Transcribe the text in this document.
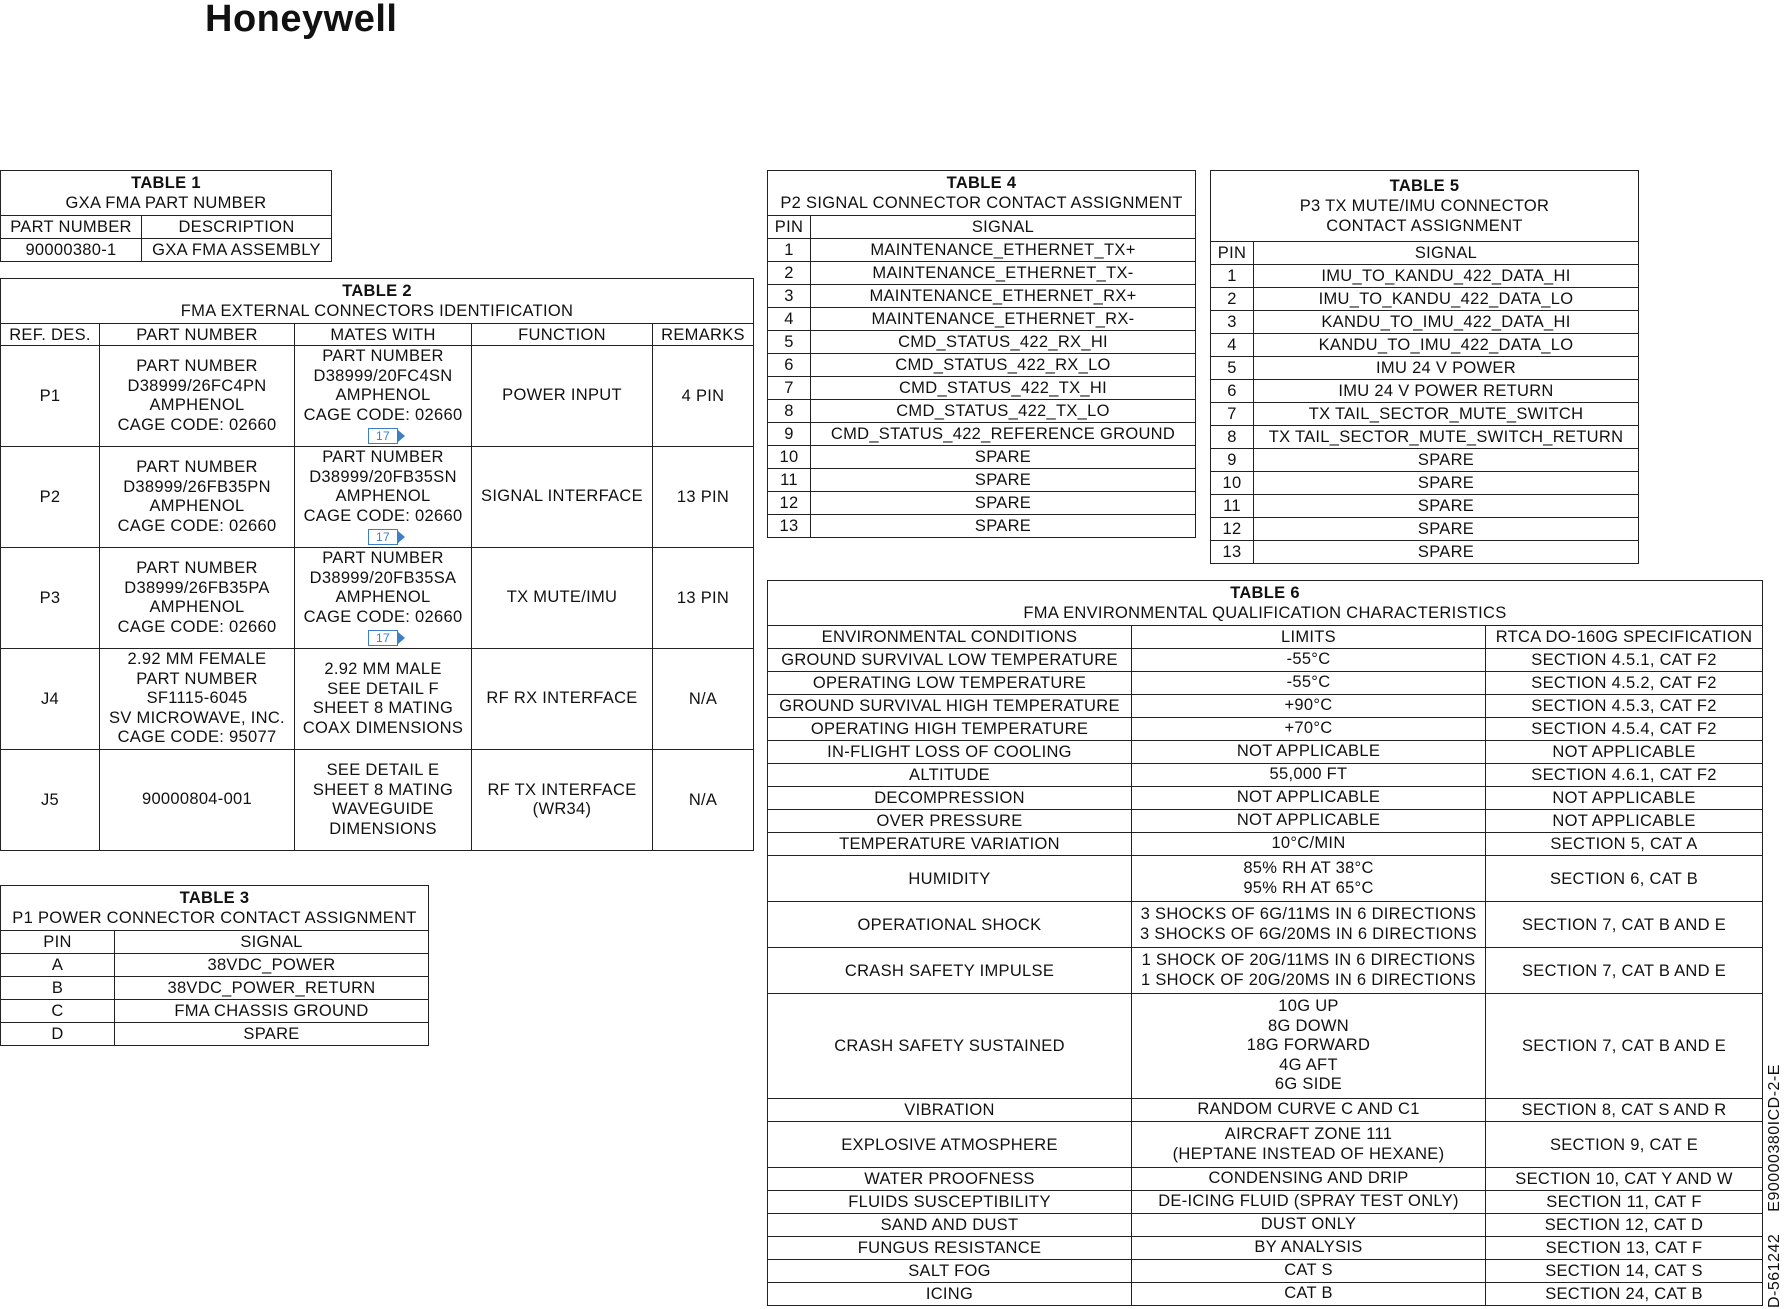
Honeywell
TABLE 1
GXA FMA PART NUMBER	

PART NUMBER	DESCRIPTION
90000380-1	GXA FMA ASSEMBLY
TABLE 2
FMA EXTERNAL CONNECTORS IDENTIFICATION				

REF. DES.	PART NUMBER	MATES WITH	FUNCTION	REMARKS
P1	PART NUMBER
D38999/26FC4PN
AMPHENOL
CAGE CODE: 02660	PART NUMBER
D38999/20FC4SN
AMPHENOL
CAGE CODE: 02660
17	POWER INPUT	4 PIN
P2	PART NUMBER
D38999/26FB35PN
AMPHENOL
CAGE CODE: 02660	PART NUMBER
D38999/20FB35SN
AMPHENOL
CAGE CODE: 02660
17	SIGNAL INTERFACE	13 PIN
P3	PART NUMBER
D38999/26FB35PA
AMPHENOL
CAGE CODE: 02660	PART NUMBER
D38999/20FB35SA
AMPHENOL
CAGE CODE: 02660
17	TX MUTE/IMU	13 PIN
J4	2.92 MM FEMALE
PART NUMBER
SF1115-6045
SV MICROWAVE, INC.
CAGE CODE: 95077	2.92 MM MALE
SEE DETAIL F
SHEET 8 MATING
COAX DIMENSIONS	RF RX INTERFACE	N/A
J5	90000804-001	SEE DETAIL E
SHEET 8 MATING
WAVEGUIDE
DIMENSIONS	RF TX INTERFACE
(WR34)	N/A
TABLE 3
P1 POWER CONNECTOR CONTACT ASSIGNMENT	

PIN	SIGNAL
A	38VDC_POWER
B	38VDC_POWER_RETURN
C	FMA CHASSIS GROUND
D	SPARE
TABLE 4
P2 SIGNAL CONNECTOR CONTACT ASSIGNMENT	

PIN	SIGNAL
1	MAINTENANCE_ETHERNET_TX+
2	MAINTENANCE_ETHERNET_TX-
3	MAINTENANCE_ETHERNET_RX+
4	MAINTENANCE_ETHERNET_RX-
5	CMD_STATUS_422_RX_HI
6	CMD_STATUS_422_RX_LO
7	CMD_STATUS_422_TX_HI
8	CMD_STATUS_422_TX_LO
9	CMD_STATUS_422_REFERENCE GROUND
10	SPARE
11	SPARE
12	SPARE
13	SPARE
TABLE 5
P3 TX MUTE/IMU CONNECTOR
CONTACT ASSIGNMENT	

PIN	SIGNAL
1	IMU_TO_KANDU_422_DATA_HI
2	IMU_TO_KANDU_422_DATA_LO
3	KANDU_TO_IMU_422_DATA_HI
4	KANDU_TO_IMU_422_DATA_LO
5	IMU 24 V POWER
6	IMU 24 V POWER RETURN
7	TX TAIL_SECTOR_MUTE_SWITCH
8	TX TAIL_SECTOR_MUTE_SWITCH_RETURN
9	SPARE
10	SPARE
11	SPARE
12	SPARE
13	SPARE
TABLE 6
FMA ENVIRONMENTAL QUALIFICATION CHARACTERISTICS		

ENVIRONMENTAL CONDITIONS	LIMITS	RTCA DO-160G SPECIFICATION
GROUND SURVIVAL LOW TEMPERATURE	-55°C	SECTION 4.5.1, CAT F2
OPERATING LOW TEMPERATURE	-55°C	SECTION 4.5.2, CAT F2
GROUND SURVIVAL HIGH TEMPERATURE	+90°C	SECTION 4.5.3, CAT F2
OPERATING HIGH TEMPERATURE	+70°C	SECTION 4.5.4, CAT F2
IN-FLIGHT LOSS OF COOLING	NOT APPLICABLE	NOT APPLICABLE
ALTITUDE	55,000 FT	SECTION 4.6.1, CAT F2
DECOMPRESSION	NOT APPLICABLE	NOT APPLICABLE
OVER PRESSURE	NOT APPLICABLE	NOT APPLICABLE
TEMPERATURE VARIATION	10°C/MIN	SECTION 5, CAT A
HUMIDITY	85% RH AT 38°C
95% RH AT 65°C	SECTION 6, CAT B
OPERATIONAL SHOCK	3 SHOCKS OF 6G/11MS IN 6 DIRECTIONS
3 SHOCKS OF 6G/20MS IN 6 DIRECTIONS	SECTION 7, CAT B AND E
CRASH SAFETY IMPULSE	1 SHOCK OF 20G/11MS IN 6 DIRECTIONS
1 SHOCK OF 20G/20MS IN 6 DIRECTIONS	SECTION 7, CAT B AND E
CRASH SAFETY SUSTAINED	10G UP
8G DOWN
18G FORWARD
4G AFT
6G SIDE	SECTION 7, CAT B AND E
VIBRATION	RANDOM CURVE C AND C1	SECTION 8, CAT S AND R
EXPLOSIVE ATMOSPHERE	AIRCRAFT ZONE 111
(HEPTANE INSTEAD OF HEXANE)	SECTION 9, CAT E
WATER PROOFNESS	CONDENSING AND DRIP	SECTION 10, CAT Y AND W
FLUIDS SUSCEPTIBILITY	DE-ICING FLUID (SPRAY TEST ONLY)	SECTION 11, CAT F
SAND AND DUST	DUST ONLY	SECTION 12, CAT D
FUNGUS RESISTANCE	BY ANALYSIS	SECTION 13, CAT F
SALT FOG	CAT S	SECTION 14, CAT S
ICING	CAT B	SECTION 24, CAT B	D-561242E90000380ICD-2-E
